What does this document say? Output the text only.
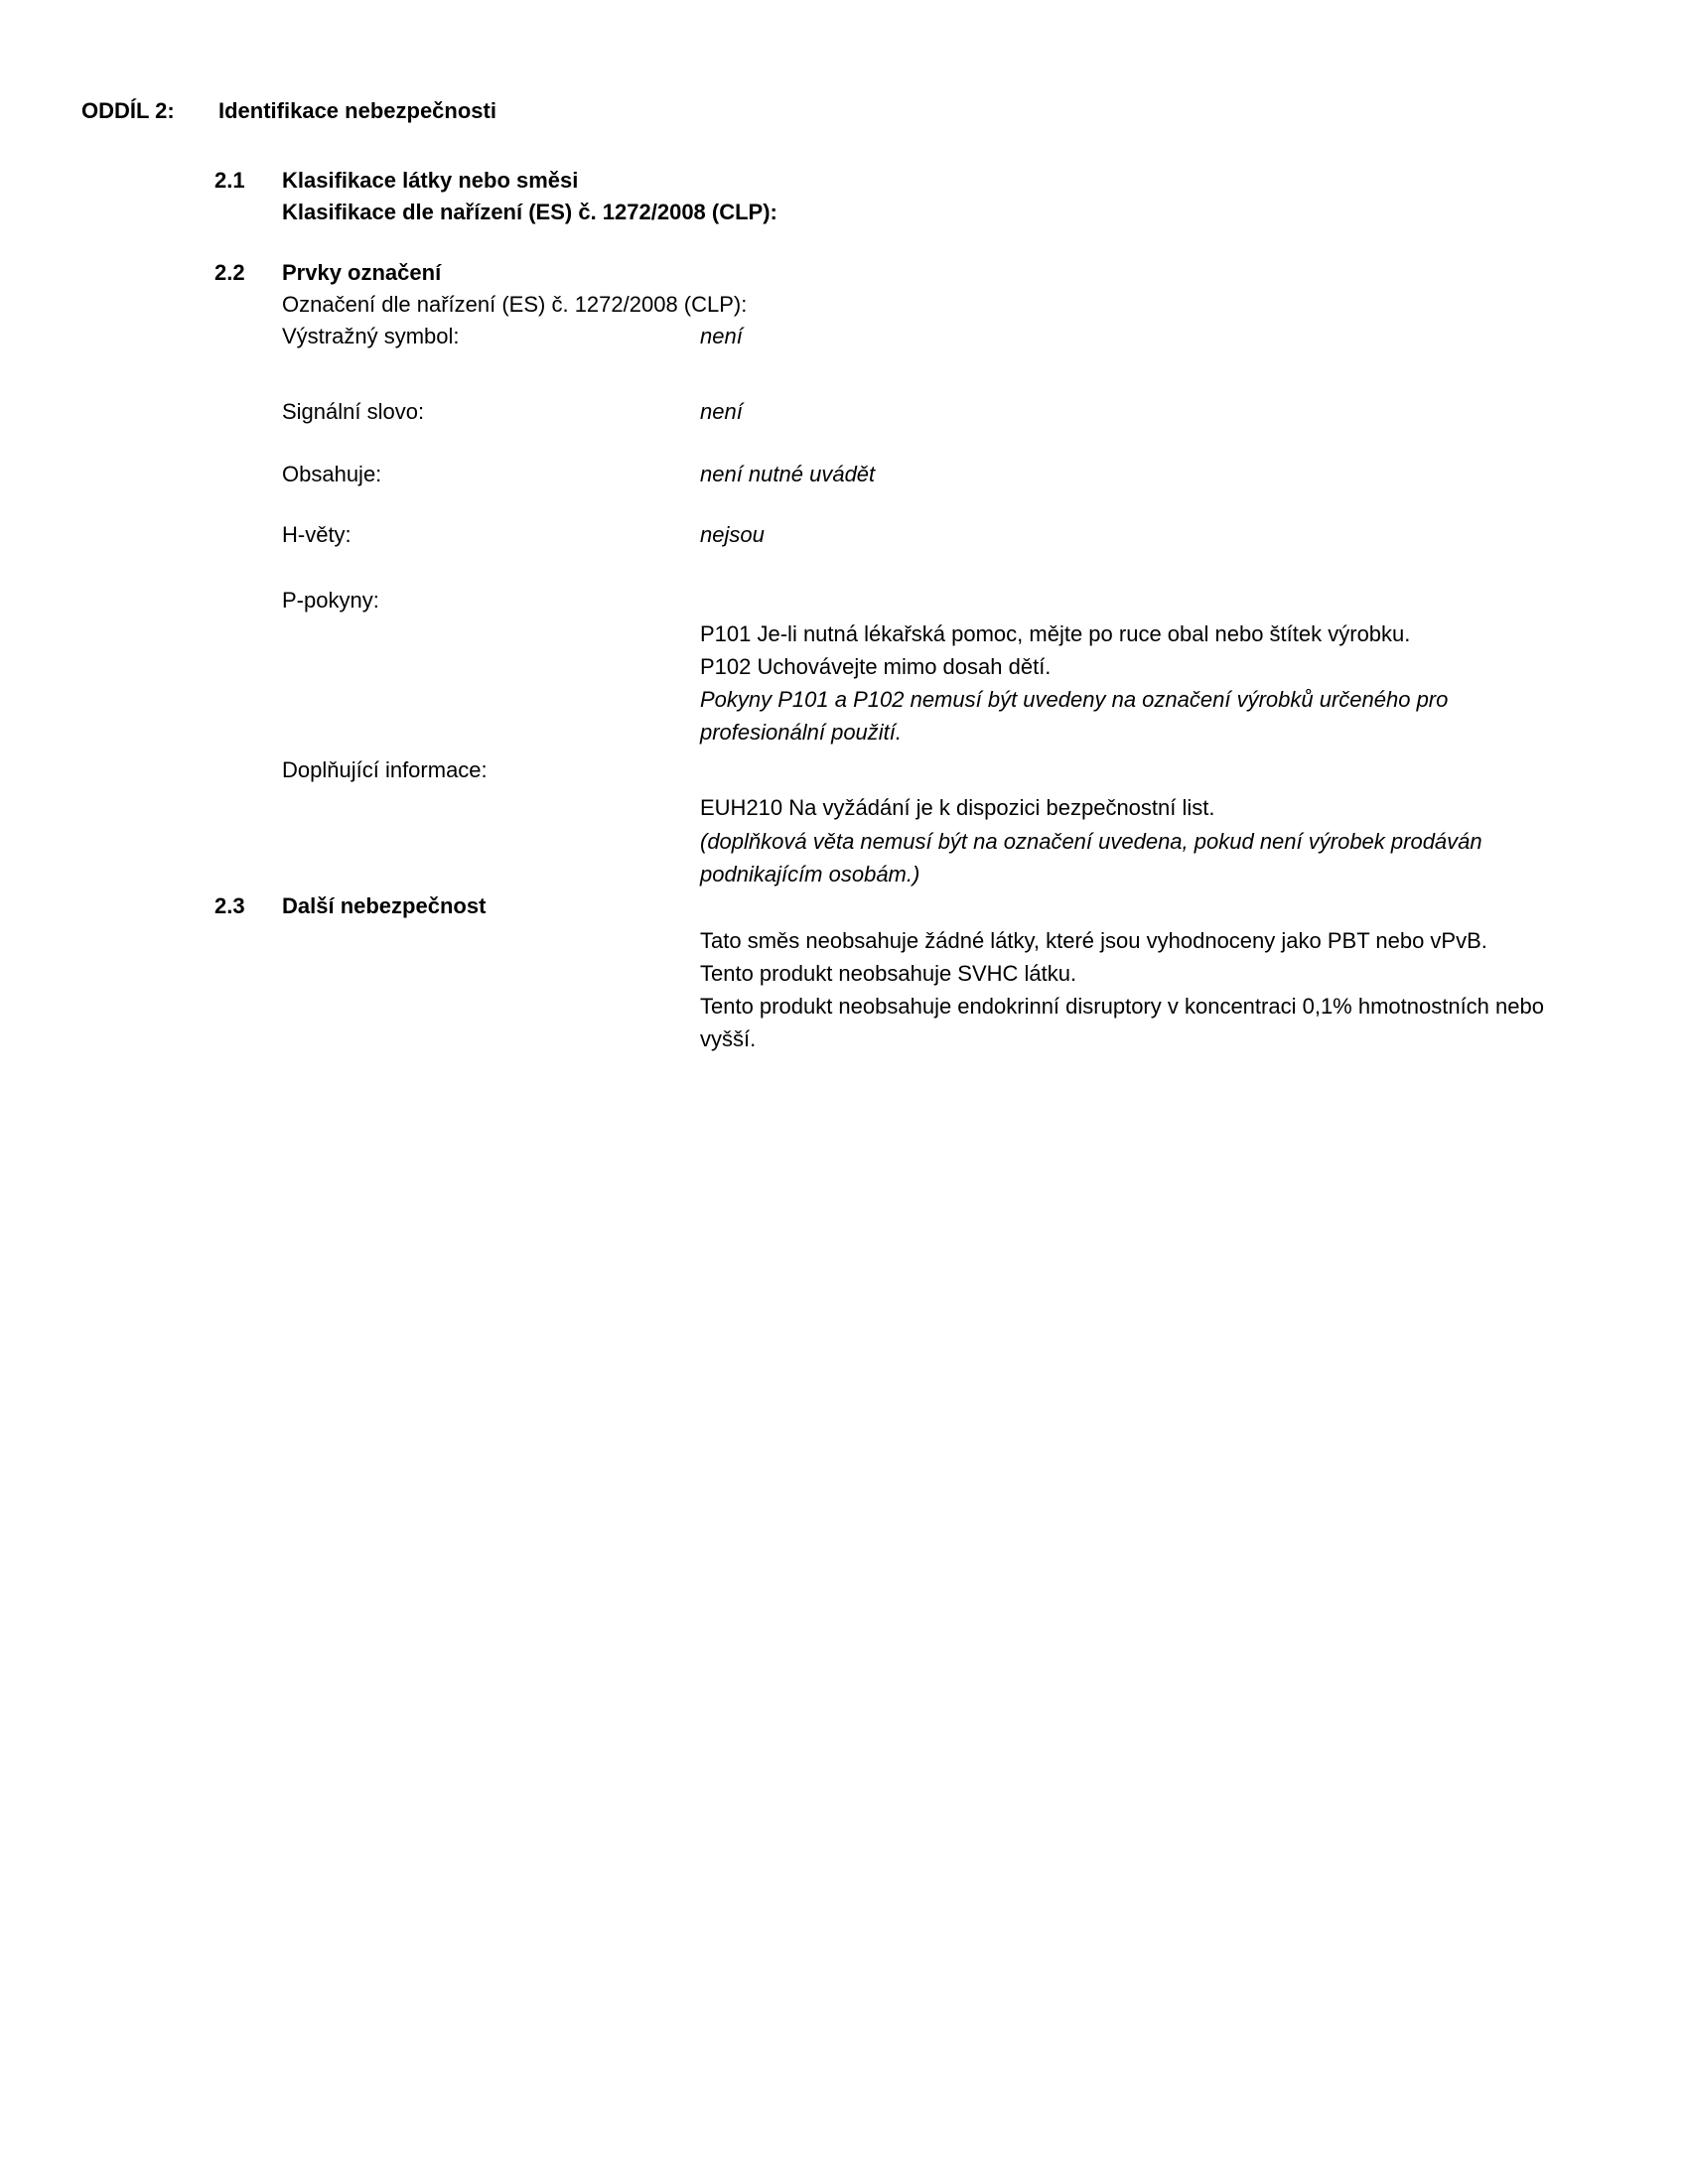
ODDÍL 2: Identifikace nebezpečnosti
2.1 Klasifikace látky nebo směsi
Klasifikace dle nařízení (ES) č. 1272/2008 (CLP):
2.2 Prvky označení
Označení dle nařízení (ES) č. 1272/2008 (CLP):
Výstražný symbol:	není
Signální slovo:	není
Obsahuje:	není nutné uvádět
H-věty:	nejsou
P-pokyny:
P101 Je-li nutná lékařská pomoc, mějte po ruce obal nebo štítek výrobku.
P102 Uchovávejte mimo dosah dětí.
Pokyny P101 a P102 nemusí být uvedeny na označení výrobků určeného pro
profesionální použití.
Doplňující informace:
EUH210 Na vyžádání je k dispozici bezpečnostní list.
(doplňková věta nemusí být na označení uvedena, pokud není výrobek prodáván
podnikajícím osobám.)
2.3 Další nebezpečnost
Tato směs neobsahuje žádné látky, které jsou vyhodnoceny jako PBT nebo vPvB.
Tento produkt neobsahuje SVHC látku.
Tento produkt neobsahuje endokrinní disruptory v koncentraci 0,1% hmotnostních nebo
vyšší.
